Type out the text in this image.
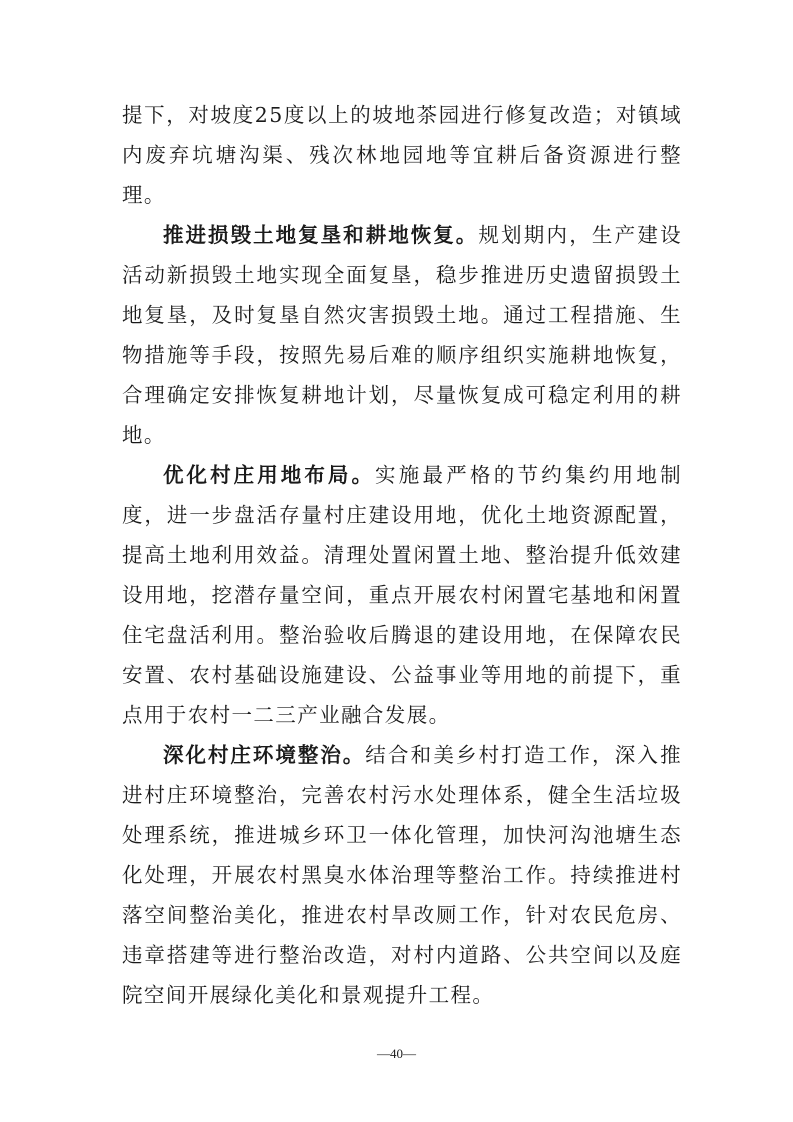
提下，对坡度25度以上的坡地茶园进行修复改造；对镇域内废弃坑塘沟渠、残次林地园地等宜耕后备资源进行整理。

推进损毁土地复垦和耕地恢复。规划期内，生产建设活动新损毁土地实现全面复垦，稳步推进历史遗留损毁土地复垦，及时复垦自然灾害损毁土地。通过工程措施、生物措施等手段，按照先易后难的顺序组织实施耕地恢复，合理确定安排恢复耕地计划，尽量恢复成可稳定利用的耕地。

优化村庄用地布局。实施最严格的节约集约用地制度，进一步盘活存量村庄建设用地，优化土地资源配置，提高土地利用效益。清理处置闲置土地、整治提升低效建设用地，挖潜存量空间，重点开展农村闲置宅基地和闲置住宅盘活利用。整治验收后腾退的建设用地，在保障农民安置、农村基础设施建设、公益事业等用地的前提下，重点用于农村一二三产业融合发展。

深化村庄环境整治。结合和美乡村打造工作，深入推进村庄环境整治，完善农村污水处理体系，健全生活垃圾处理系统，推进城乡环卫一体化管理，加快河沟池塘生态化处理，开展农村黑臭水体治理等整治工作。持续推进村落空间整治美化，推进农村旱改厕工作，针对农民危房、违章搭建等进行整治改造，对村内道路、公共空间以及庭院空间开展绿化美化和景观提升工程。

—40—
